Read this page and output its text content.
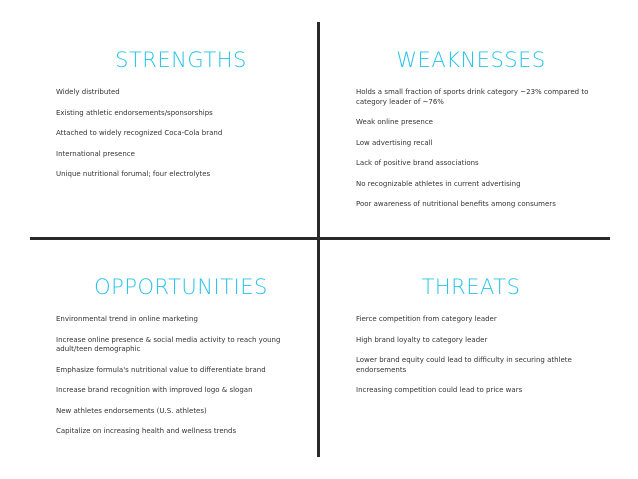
STRENGTHS
Widely distributed
Existing athletic endorsements/sponsorships
Attached to widely recognized Coca-Cola brand
International presence
Unique nutritional forumal; four electrolytes
WEAKNESSES
Holds a small fraction of sports drink category ~23% compared to category leader of ~76%
Weak online presence
Low advertising recall
Lack of positive brand associations
No recognizable athletes in current advertising
Poor awareness of nutritional benefits among consumers
OPPORTUNITIES
Environmental trend in online marketing
Increase online presence & social media activity to reach young adult/teen demographic
Emphasize formula's nutritional value to differentiate brand
Increase brand recognition with improved logo & slogan
New athletes endorsements (U.S. athletes)
Capitalize on increasing health and wellness trends
THREATS
Fierce competition from category leader
High brand loyalty to category leader
Lower brand equity could lead to difficulty in securing athlete endorsements
Increasing competition could lead to price wars
